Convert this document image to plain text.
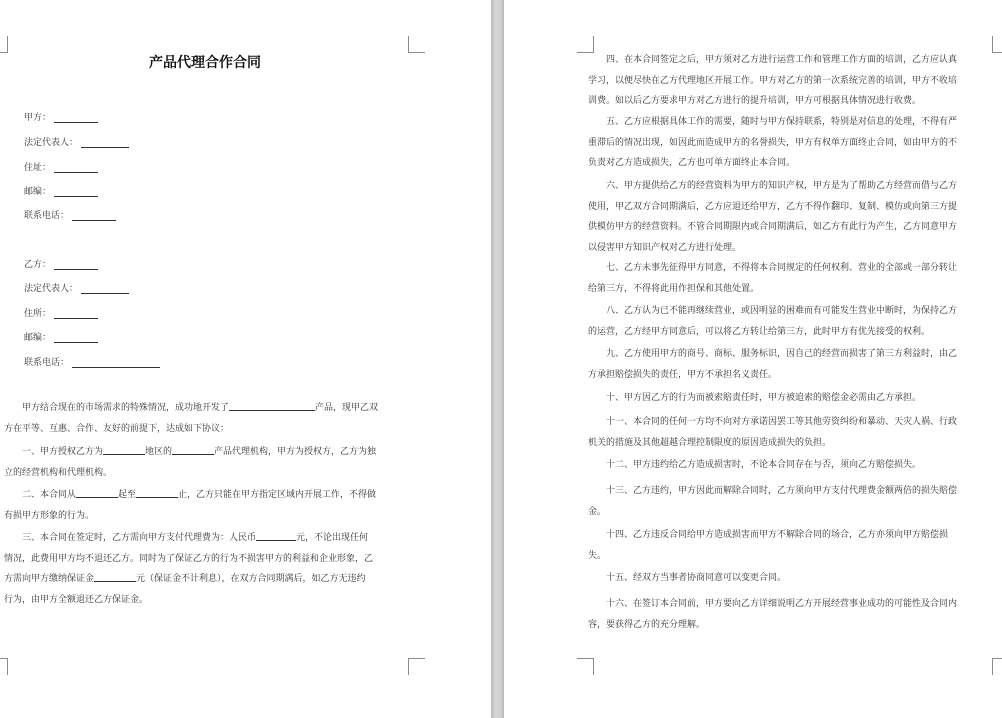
产品代理合作合同
甲方：
法定代表人：
住址：
邮编：
联系电话：
乙方：
法定代表人：
住所：
邮编：
联系电话：
甲方结合现在的市场需求的特殊情况，成功地开发了	产品，现甲乙双
方在平等、互惠、合作、友好的前提下，达成如下协议：
一、甲方授权乙方为	地区的	产品代理机构，甲方为授权方，乙方为独
立的经营机构和代理机构。
二、本合同从	起至	止，乙方只能在甲方指定区域内开展工作，不得做
有损甲方形象的行为。
三、本合同在签定时，乙方需向甲方支付代理费为：人民币	元，不论出现任何
情况，此费用甲方均不退还乙方。同时为了保证乙方的行为不损害甲方的利益和企业形象，乙
方需向甲方缴纳保证金	元（保证金不计利息），在双方合同期满后，如乙方无违约
行为，由甲方全额退还乙方保证金。
四、在本合同签定之后，甲方须对乙方进行运营工作和管理工作方面的培训，乙方应认真
学习，以便尽快在乙方代理地区开展工作。甲方对乙方的第一次系统完善的培训，甲方不收培
训费。如以后乙方要求甲方对乙方进行的提升培训，甲方可根据具体情况进行收费。
五、乙方应根据具体工作的需要，随时与甲方保持联系，特别是对信息的处理，不得有严
重滞后的情况出现，如因此而造成甲方的名誉损失，甲方有权单方面终止合同，如由甲方的不
负责对乙方造成损失，乙方也可单方面终止本合同。
六、甲方提供给乙方的经营资料为甲方的知识产权，甲方是为了帮助乙方经营而借与乙方
使用，甲乙双方合同期满后，乙方应退还给甲方，乙方不得作翻印、复制、模仿或向第三方提
供模仿甲方的经营资料。不管合同期限内或合同期满后，如乙方有此行为产生，乙方同意甲方
以侵害甲方知识产权对乙方进行处理。
七、乙方未事先征得甲方同意，不得将本合同规定的任何权利、营业的全部或一部分转让
给第三方，不得将此用作担保和其他处置。
八、乙方认为已不能再继续营业，或因明显的困难而有可能发生营业中断时，为保持乙方
的运营，乙方经甲方同意后，可以将乙方转让给第三方，此时甲方有优先接受的权利。
九、乙方使用甲方的商号、商标、服务标识，因自己的经营而损害了第三方利益时，由乙
方承担赔偿损失的责任，甲方不承担名义责任。
十、甲方因乙方的行为而被索赔责任时，甲方被追索的赔偿金必需由乙方承担。
十一、本合同的任何一方均不向对方承诺因罢工等其他劳资纠纷和暴动、天灾人祸、行政
机关的措施及其他超越合理控制限度的原因造成损失的负担。
十二、甲方违约给乙方造成损害时，不论本合同存在与否，须向乙方赔偿损失。
十三、乙方违约，甲方因此而解除合同时，乙方须向甲方支付代理费金额两倍的损失赔偿
金。
十四、乙方违反合同给甲方造成损害而甲方不解除合同的场合，乙方亦须向甲方赔偿损
失。
十五、经双方当事者协商同意可以变更合同。
十六、在签订本合同前，甲方要向乙方详细说明乙方开展经营事业成功的可能性及合同内
容，要获得乙方的充分理解。
